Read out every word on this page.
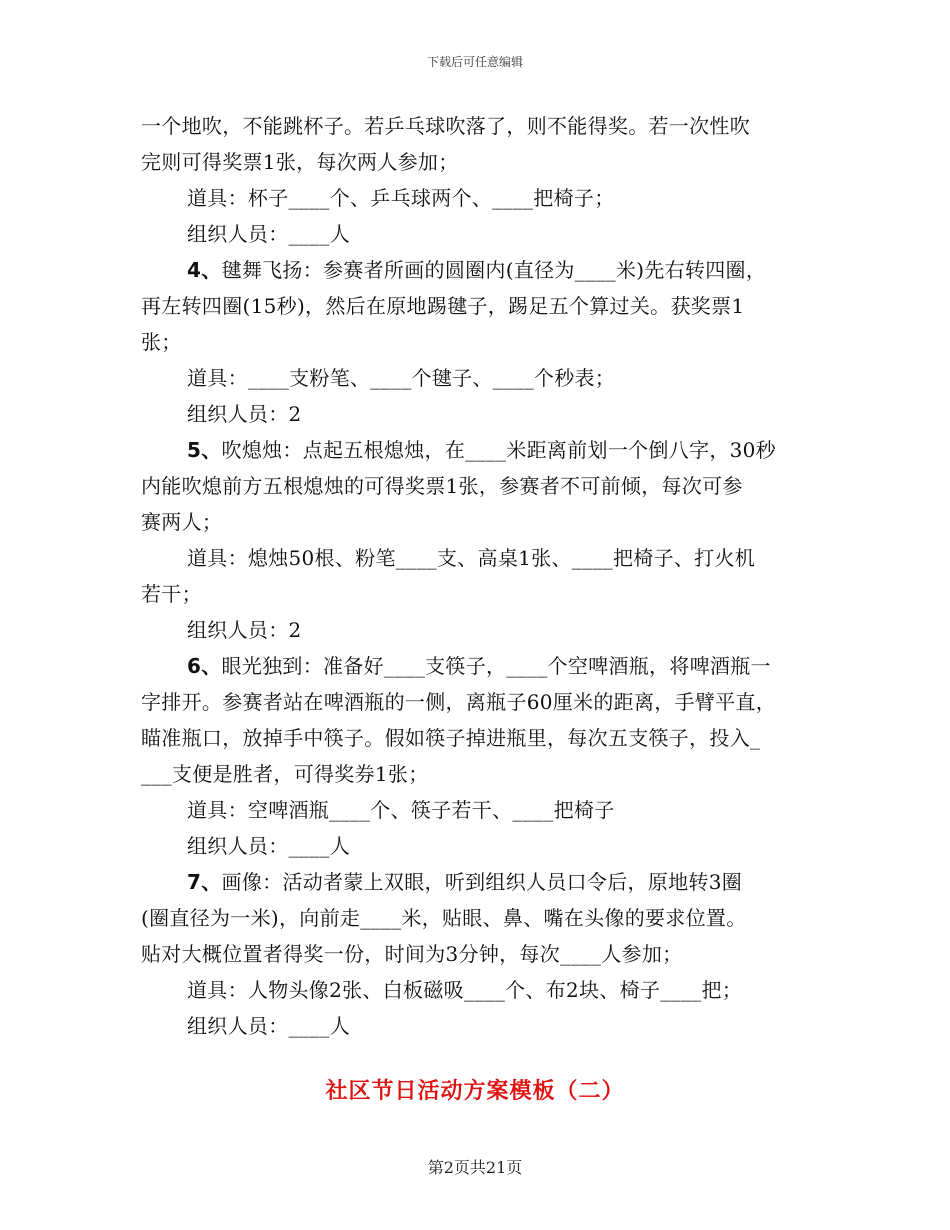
下载后可任意编辑
一个地吹，不能跳杯子。若乒乓球吹落了，则不能得奖。若一次性吹
完则可得奖票1张，每次两人参加；
道具：杯子____个、乒乓球两个、____把椅子；
组织人员：____人
4、毽舞飞扬：参赛者所画的圆圈内(直径为____米)先右转四圈，
再左转四圈(15秒)，然后在原地踢毽子，踢足五个算过关。获奖票1
张；
道具：____支粉笔、____个毽子、____个秒表；
组织人员：2
5、吹熄烛：点起五根熄烛，在____米距离前划一个倒八字，30秒
内能吹熄前方五根熄烛的可得奖票1张，参赛者不可前倾，每次可参
赛两人；
道具：熄烛50根、粉笔____支、高桌1张、____把椅子、打火机
若干；
组织人员：2
6、眼光独到：准备好____支筷子，____个空啤酒瓶，将啤酒瓶一
字排开。参赛者站在啤酒瓶的一侧，离瓶子60厘米的距离，手臂平直，
瞄准瓶口，放掉手中筷子。假如筷子掉进瓶里，每次五支筷子，投入_
___支便是胜者，可得奖券1张；
道具：空啤酒瓶____个、筷子若干、____把椅子
组织人员：____人
7、画像：活动者蒙上双眼，听到组织人员口令后，原地转3圈
(圈直径为一米)，向前走____米，贴眼、鼻、嘴在头像的要求位置。
贴对大概位置者得奖一份，时间为3分钟，每次____人参加；
道具：人物头像2张、白板磁吸____个、布2块、椅子____把；
组织人员：____人
社区节日活动方案模板（二）
第2页共21页
